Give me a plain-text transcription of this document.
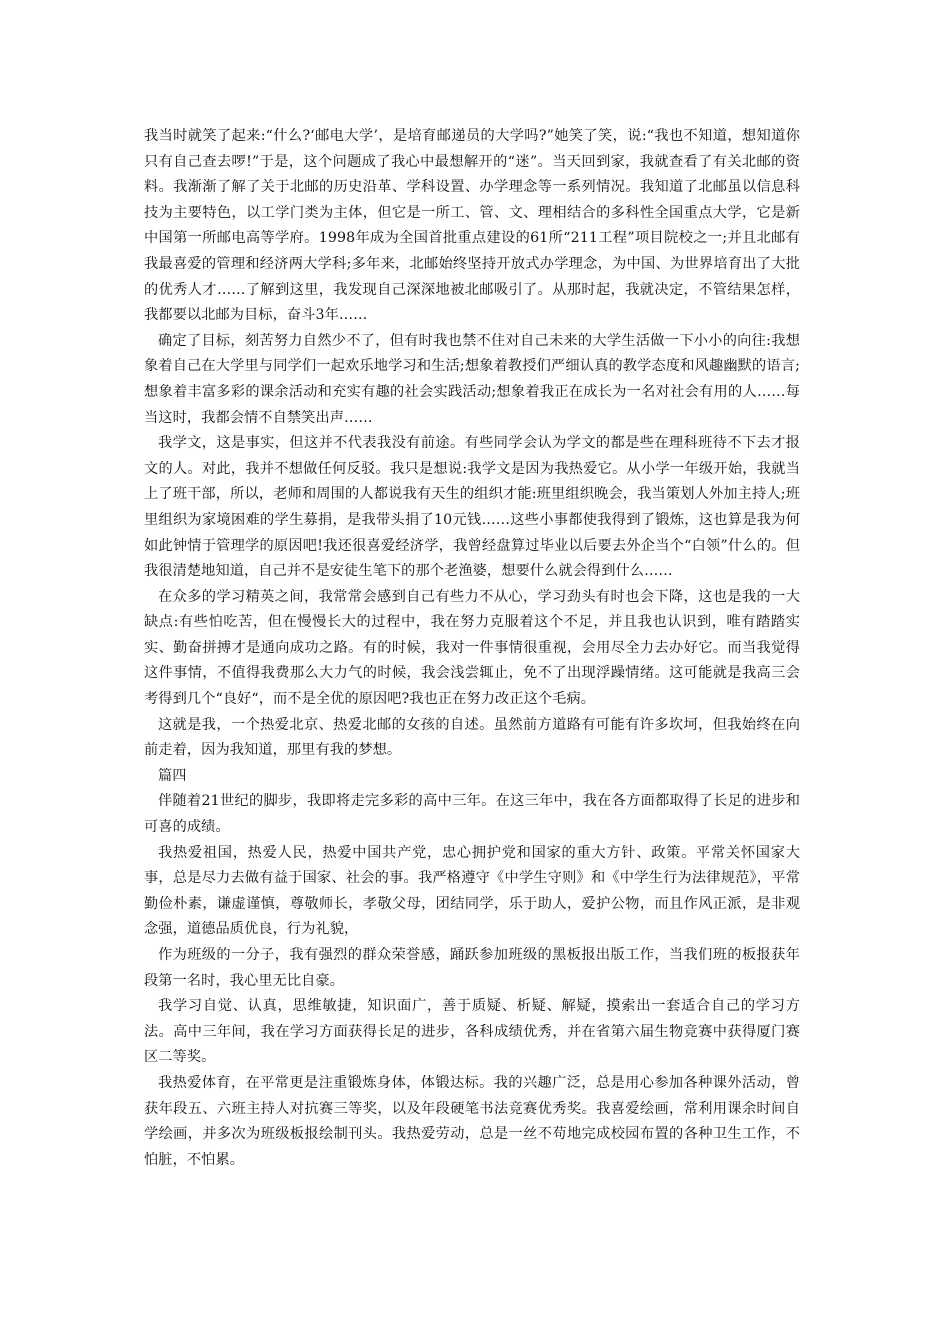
我当时就笑了起来:“什么?‘邮电大学’，是培育邮递员的大学吗?”她笑了笑，说:“我也不知道，想知道你只有自己查去啰!”于是，这个问题成了我心中最想解开的“迷”。当天回到家，我就查看了有关北邮的资料。我渐渐了解了关于北邮的历史沿革、学科设置、办学理念等一系列情况。我知道了北邮虽以信息科技为主要特色，以工学门类为主体，但它是一所工、管、文、理相结合的多科性全国重点大学，它是新中国第一所邮电高等学府。1998年成为全国首批重点建设的61所“211工程”项目院校之一;并且北邮有我最喜爱的管理和经济两大学科;多年来，北邮始终坚持开放式办学理念，为中国、为世界培育出了大批的优秀人才……了解到这里，我发现自己深深地被北邮吸引了。从那时起，我就决定，不管结果怎样，我都要以北邮为目标，奋斗3年……

确定了目标，刻苦努力自然少不了，但有时我也禁不住对自己未来的大学生活做一下小小的向往:我想象着自己在大学里与同学们一起欢乐地学习和生活;想象着教授们严细认真的教学态度和风趣幽默的语言;想象着丰富多彩的课余活动和充实有趣的社会实践活动;想象着我正在成长为一名对社会有用的人……每当这时，我都会情不自禁笑出声……

我学文，这是事实，但这并不代表我没有前途。有些同学会认为学文的都是些在理科班待不下去才报文的人。对此，我并不想做任何反驳。我只是想说:我学文是因为我热爱它。从小学一年级开始，我就当上了班干部，所以，老师和周围的人都说我有天生的组织才能:班里组织晚会，我当策划人外加主持人;班里组织为家境困难的学生募捐，是我带头捐了10元钱……这些小事都使我得到了锻炼，这也算是我为何如此钟情于管理学的原因吧!我还很喜爱经济学，我曾经盘算过毕业以后要去外企当个“白领”什么的。但我很清楚地知道，自己并不是安徒生笔下的那个老渔婆，想要什么就会得到什么……

在众多的学习精英之间，我常常会感到自己有些力不从心，学习劲头有时也会下降，这也是我的一大缺点:有些怕吃苦，但在慢慢长大的过程中，我在努力克服着这个不足，并且我也认识到，唯有踏踏实实、勤奋拼搏才是通向成功之路。有的时候，我对一件事情很重视，会用尽全力去办好它。而当我觉得这件事情，不值得我费那么大力气的时候，我会浅尝辄止，免不了出现浮躁情绪。这可能就是我高三会考得到几个“良好“，而不是全优的原因吧?我也正在努力改正这个毛病。

这就是我，一个热爱北京、热爱北邮的女孩的自述。虽然前方道路有可能有许多坎坷，但我始终在向前走着，因为我知道，那里有我的梦想。

篇四

伴随着21世纪的脚步，我即将走完多彩的高中三年。在这三年中，我在各方面都取得了长足的进步和可喜的成绩。

我热爱祖国，热爱人民，热爱中国共产党，忠心拥护党和国家的重大方针、政策。平常关怀国家大事，总是尽力去做有益于国家、社会的事。我严格遵守《中学生守则》和《中学生行为法律规范》，平常勤俭朴素，谦虚谨慎，尊敬师长，孝敬父母，团结同学，乐于助人，爱护公物，而且作风正派，是非观念强，道德品质优良，行为礼貌，

作为班级的一分子，我有强烈的群众荣誉感，踊跃参加班级的黑板报出版工作，当我们班的板报获年段第一名时，我心里无比自豪。

我学习自觉、认真，思维敏捷，知识面广，善于质疑、析疑、解疑，摸索出一套适合自己的学习方法。高中三年间，我在学习方面获得长足的进步，各科成绩优秀，并在省第六届生物竞赛中获得厦门赛区二等奖。

我热爱体育，在平常更是注重锻炼身体，体锻达标。我的兴趣广泛，总是用心参加各种课外活动，曾获年段五、六班主持人对抗赛三等奖，以及年段硬笔书法竞赛优秀奖。我喜爱绘画，常利用课余时间自学绘画，并多次为班级板报绘制刊头。我热爱劳动，总是一丝不苟地完成校园布置的各种卫生工作，不怕脏，不怕累。
